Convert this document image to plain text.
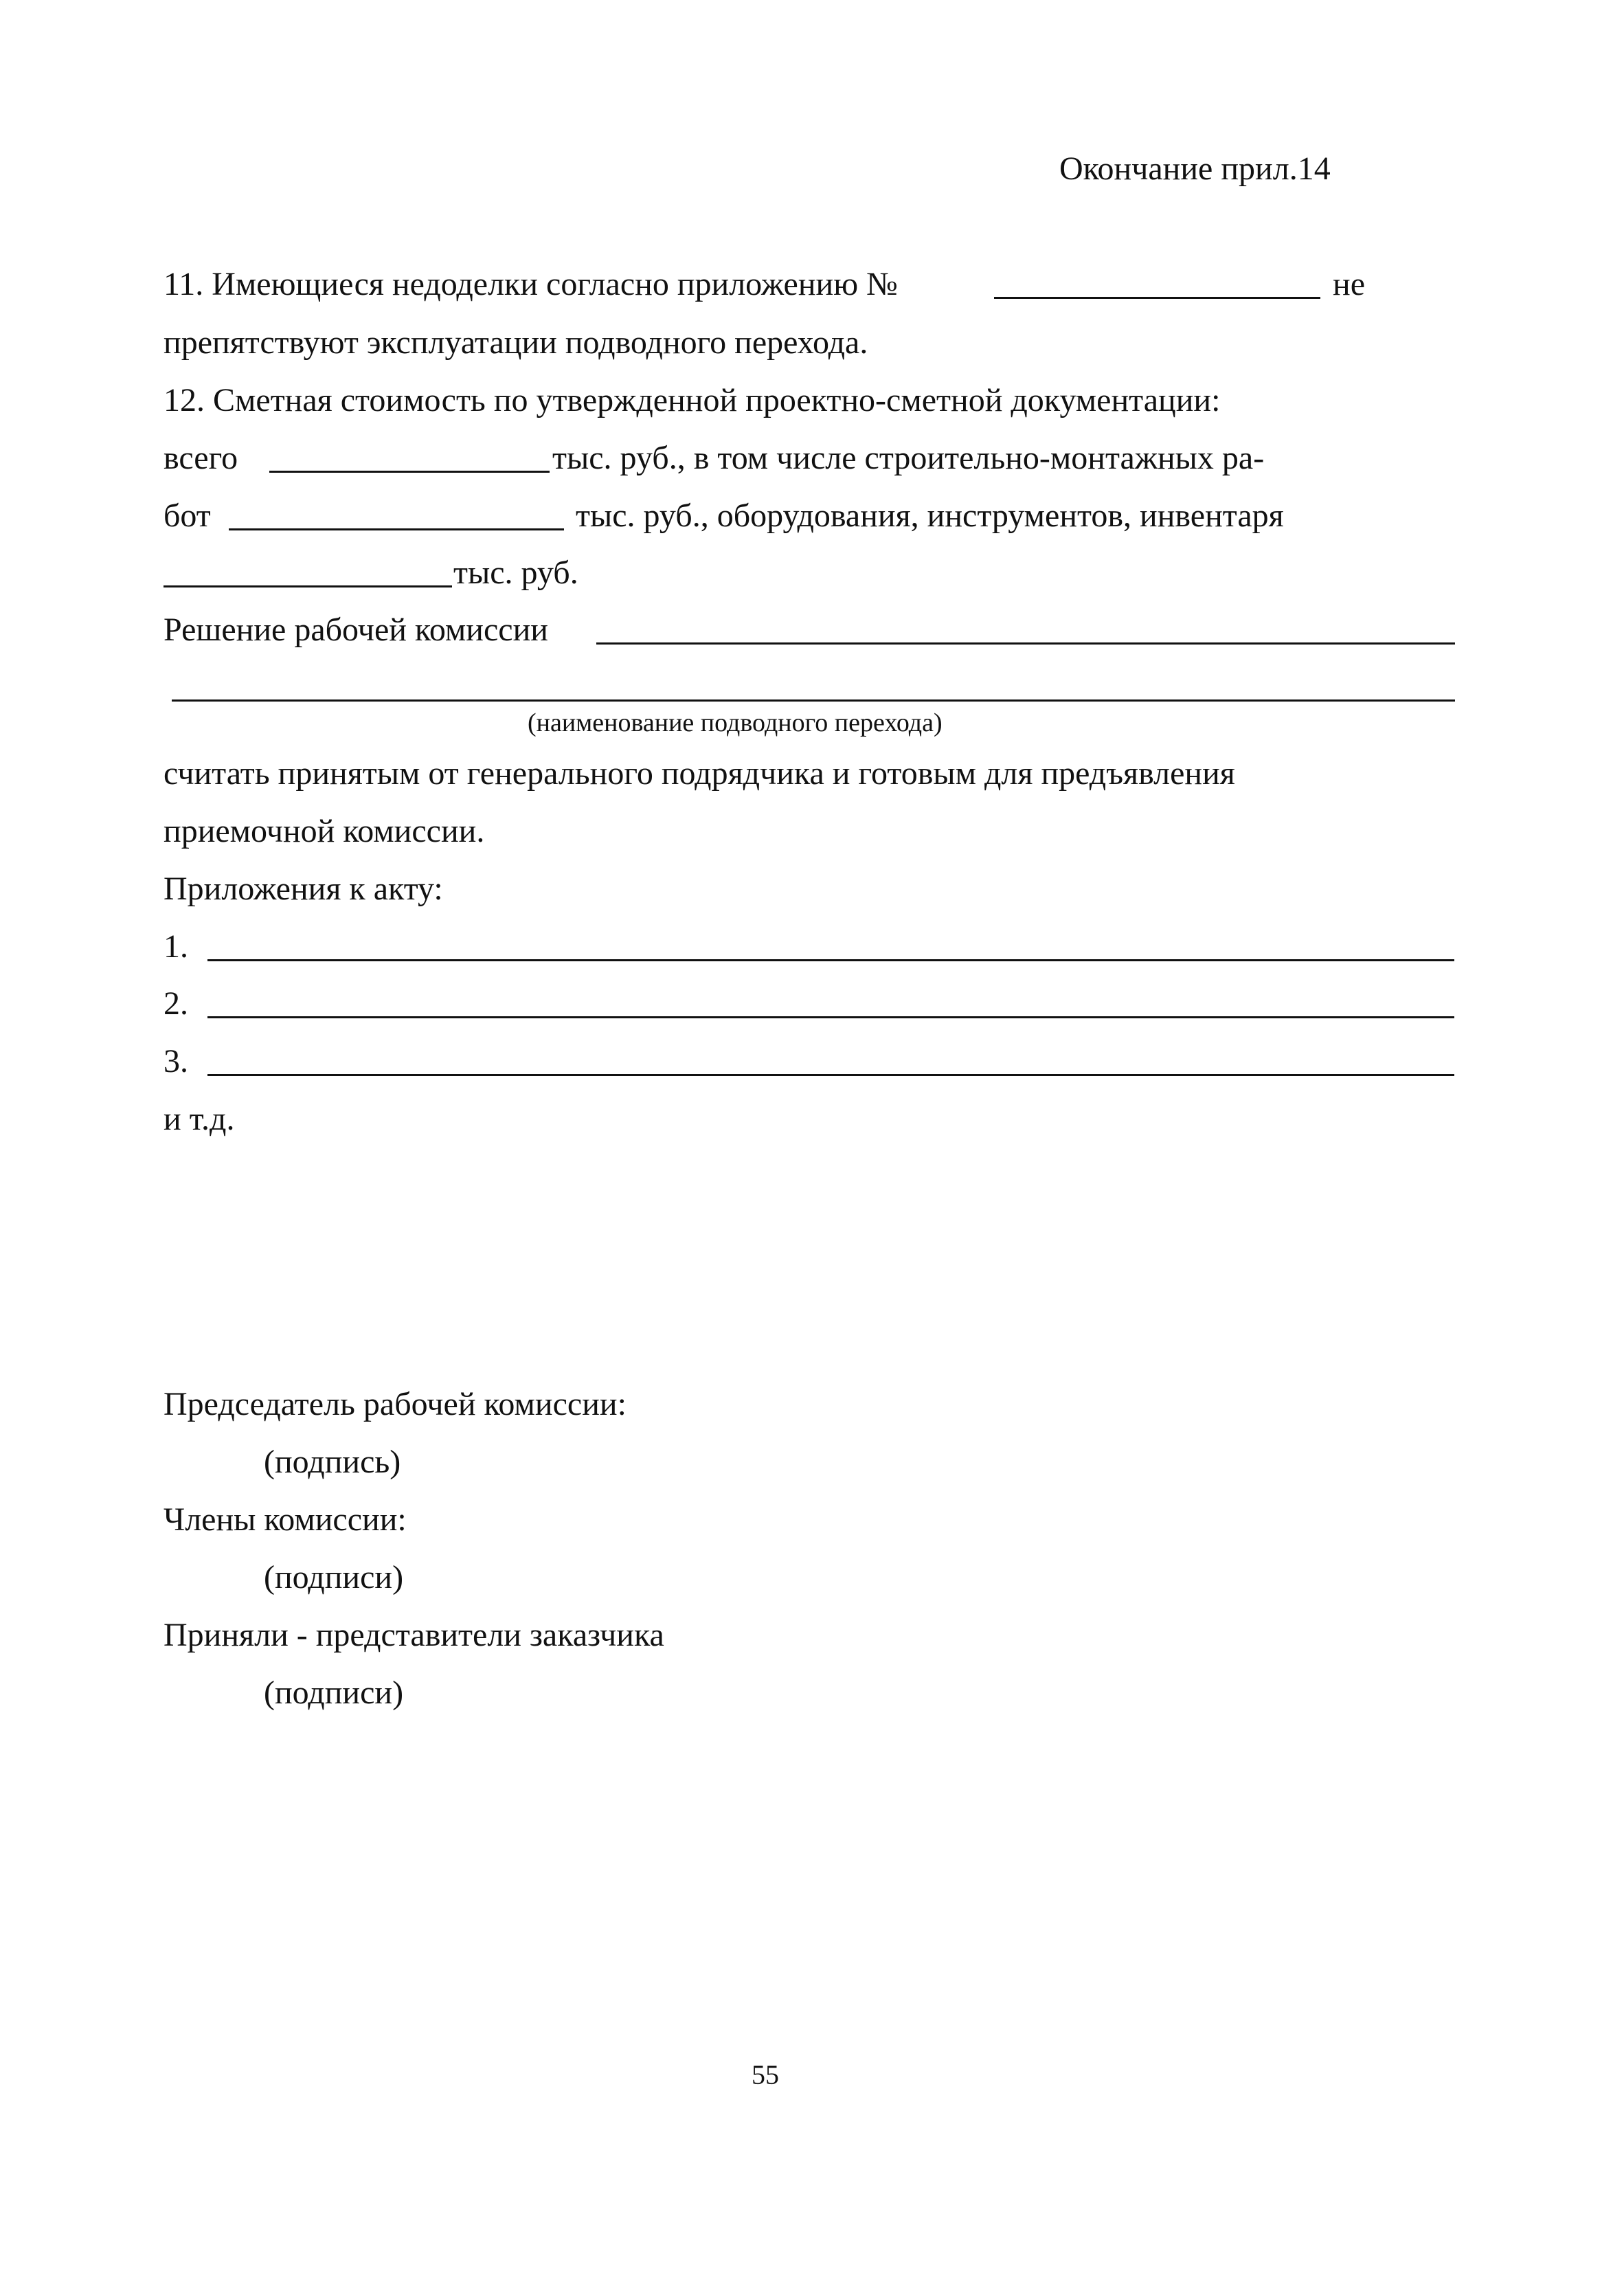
Окончание прил.14
11. Имеющиеся недоделки согласно приложению №	не
препятствуют эксплуатации подводного перехода.
12. Сметная стоимость по утвержденной проектно-сметной документации:
всего	тыс. руб., в том числе строительно-монтажных ра-
бот	тыс. руб., оборудования, инструментов, инвентаря
тыс. руб.
Решение рабочей комиссии
(наименование подводного перехода)
считать принятым от генерального подрядчика и готовым для предъявления
приемочной комиссии.
Приложения к акту:
1.
2.
3.
и т.д.
Председатель рабочей комиссии:
(подпись)
Члены комиссии:
(подписи)
Приняли - представители заказчика
(подписи)
55
